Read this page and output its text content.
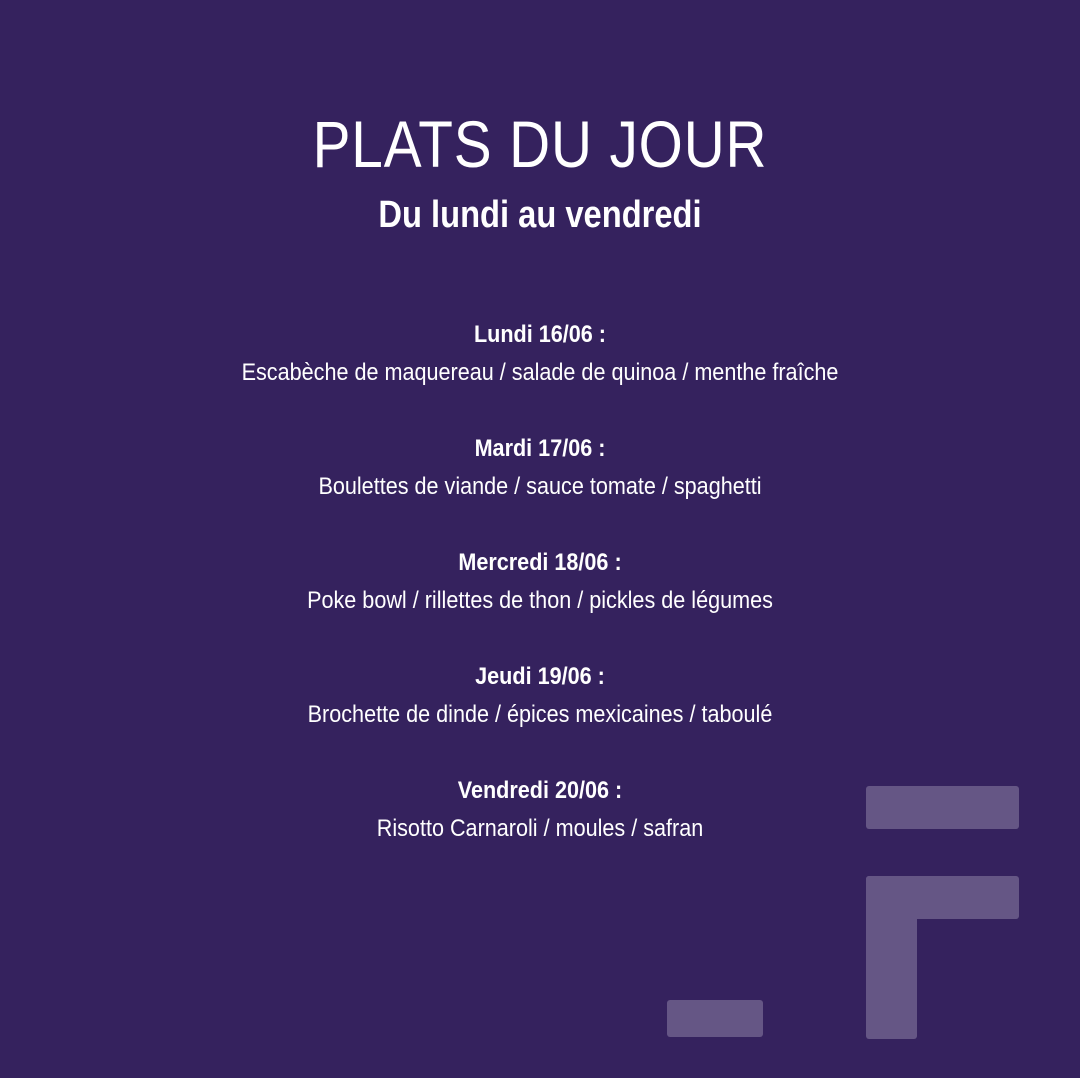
PLATS DU JOUR
Du lundi au vendredi
Lundi 16/06 :
Escabèche de maquereau / salade de quinoa / menthe fraîche
Mardi 17/06 :
Boulettes de viande / sauce tomate / spaghetti
Mercredi 18/06 :
Poke bowl / rillettes de thon / pickles de légumes
Jeudi 19/06 :
Brochette de dinde / épices mexicaines / taboulé
Vendredi 20/06 :
Risotto Carnaroli / moules / safran
